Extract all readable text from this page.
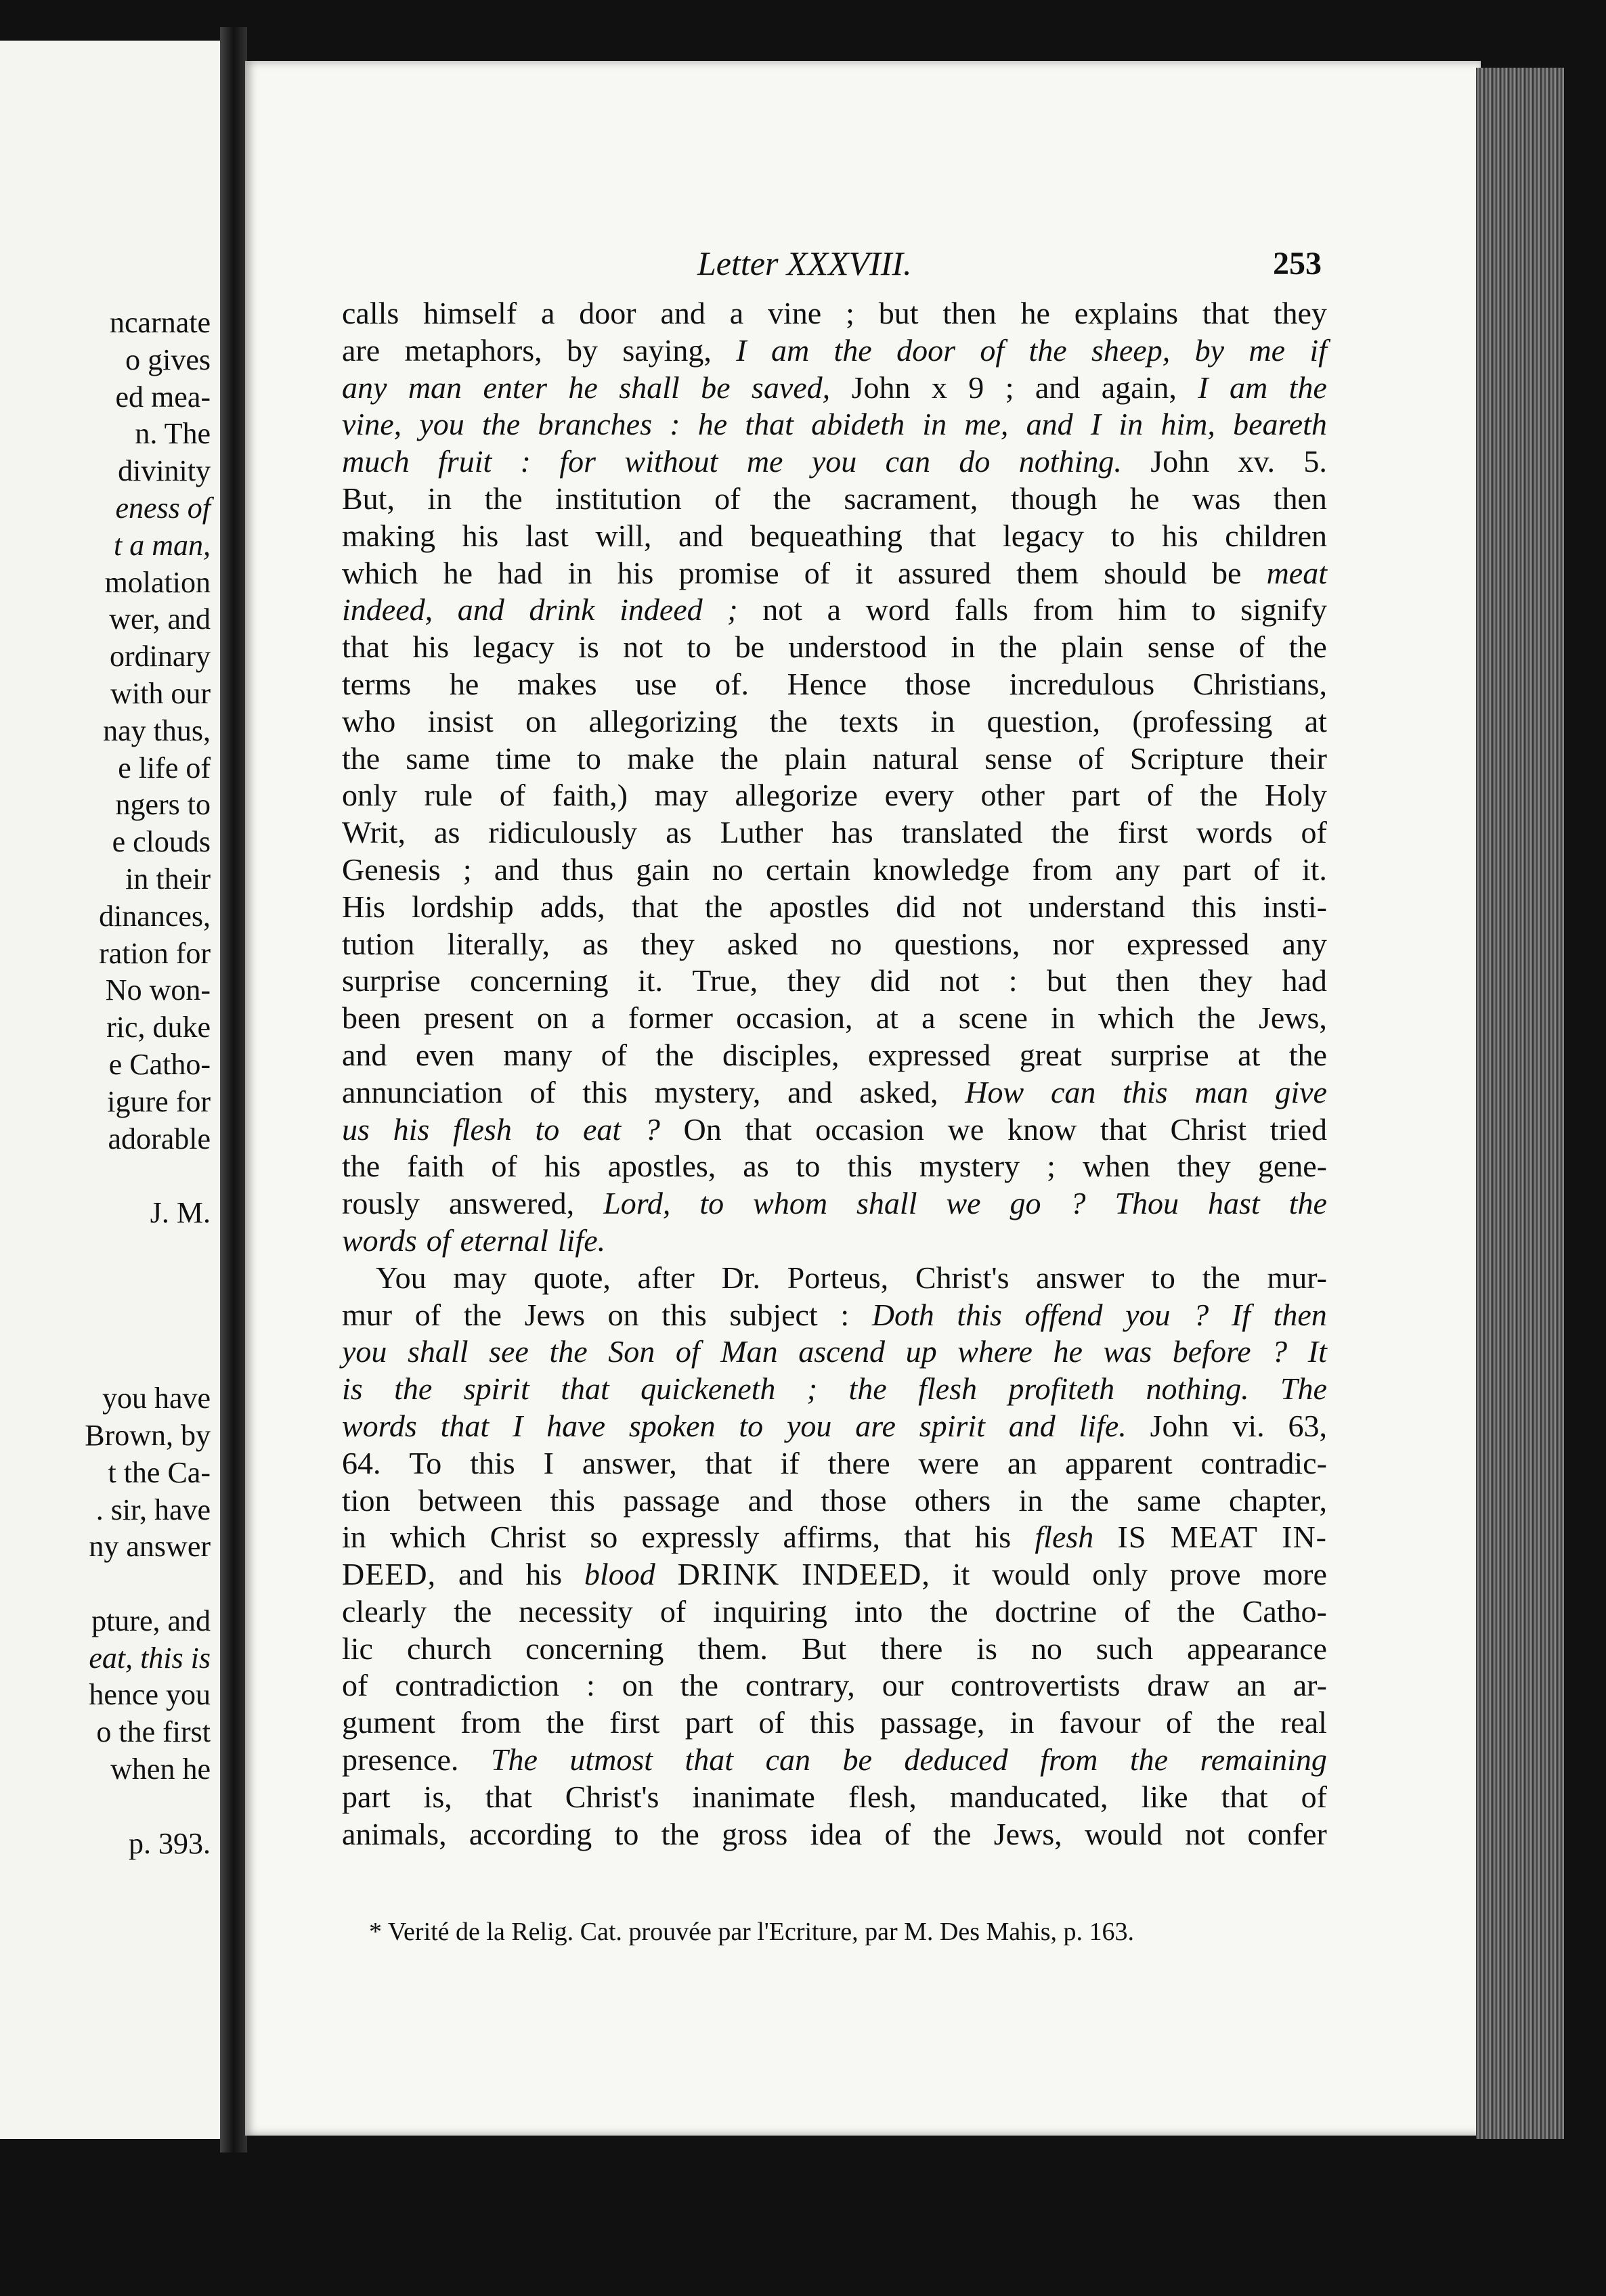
ncarnate
o gives
ed mea-
n. The
divinity
eness of
t a man,
molation
wer, and
ordinary
with our
nay thus,
e life of
ngers to
e clouds
in their
dinances,
ration for
No won-
ric, duke
e Catho-
igure for
adorable

J. M.

you have
Brown, by
t the Ca-
. sir, have
ny answer

pture, and
eat, this is
hence you
o the first
when he

p. 393.
Letter XXXVIII.	253
calls himself a door and a vine ; but then he explains that they
are metaphors, by saying, I am the door of the sheep, by me if
any man enter he shall be saved, John x 9 ; and again, I am the
vine, you the branches : he that abideth in me, and I in him, beareth
much fruit : for without me you can do nothing. John xv. 5.
But, in the institution of the sacrament, though he was then
making his last will, and bequeathing that legacy to his children
which he had in his promise of it assured them should be meat
indeed, and drink indeed ; not a word falls from him to signify
that his legacy is not to be understood in the plain sense of the
terms he makes use of. Hence those incredulous Christians,
who insist on allegorizing the texts in question, (professing at
the same time to make the plain natural sense of Scripture their
only rule of faith,) may allegorize every other part of the Holy
Writ, as ridiculously as Luther has translated the first words of
Genesis ; and thus gain no certain knowledge from any part of it.
His lordship adds, that the apostles did not understand this insti-
tution literally, as they asked no questions, nor expressed any
surprise concerning it. True, they did not : but then they had
been present on a former occasion, at a scene in which the Jews,
and even many of the disciples, expressed great surprise at the
annunciation of this mystery, and asked, How can this man give
us his flesh to eat ? On that occasion we know that Christ tried
the faith of his apostles, as to this mystery ; when they gene-
rously answered, Lord, to whom shall we go ? Thou hast the
words of eternal life.
You may quote, after Dr. Porteus, Christ's answer to the mur-
mur of the Jews on this subject : Doth this offend you ? If then
you shall see the Son of Man ascend up where he was before ? It
is the spirit that quickeneth ; the flesh profiteth nothing. The
words that I have spoken to you are spirit and life. John vi. 63,
64. To this I answer, that if there were an apparent contradic-
tion between this passage and those others in the same chapter,
in which Christ so expressly affirms, that his flesh IS MEAT IN-
DEED, and his blood DRINK INDEED, it would only prove more
clearly the necessity of inquiring into the doctrine of the Catho-
lic church concerning them. But there is no such appearance
of contradiction : on the contrary, our controvertists draw an ar-
gument from the first part of this passage, in favour of the real
presence. The utmost that can be deduced from the remaining
part is, that Christ's inanimate flesh, manducated, like that of
animals, according to the gross idea of the Jews, would not confer
* Verité de la Relig. Cat. prouvée par l'Ecriture, par M. Des Mahis, p. 163.
